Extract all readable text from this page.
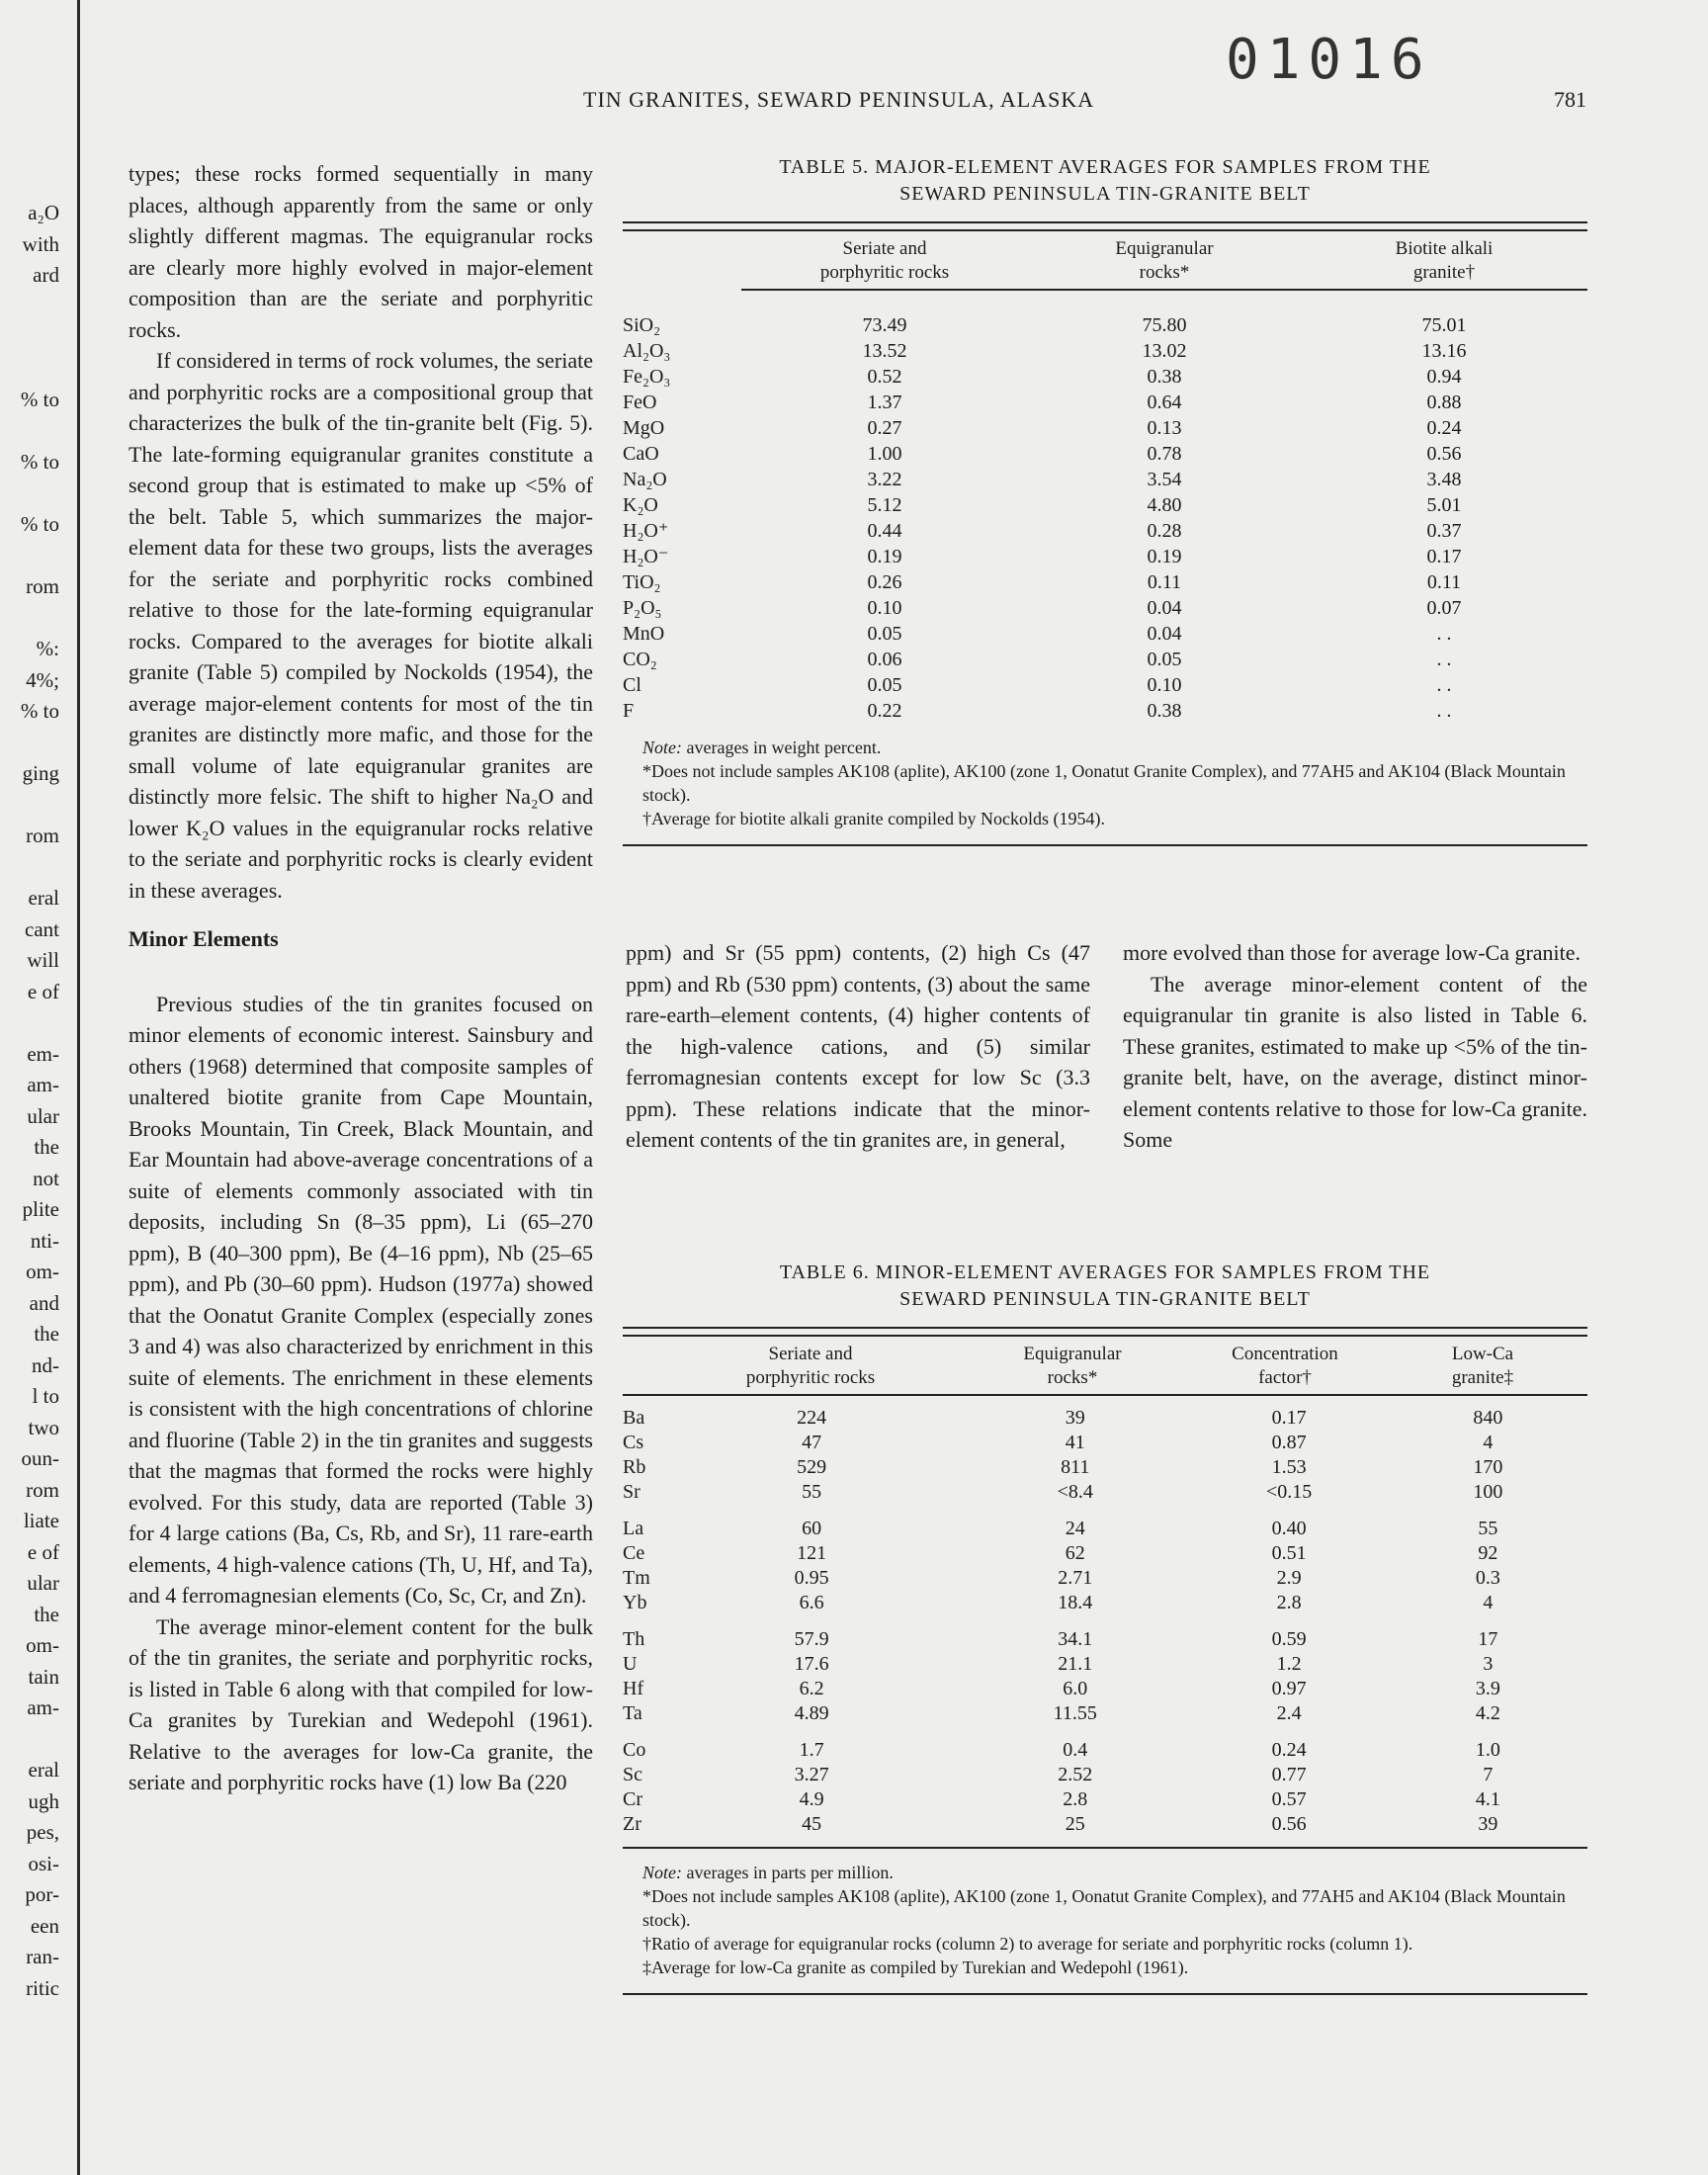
a₂O
with
ard
% to
% to
% to
rom
%:
4%;
% to
ging
rom
eral
cant
will
e of
em-
am-
ular
the
not
plite
nti-
om-
and
the
nd-
l to
two
oun-
rom
liate
e of
ular
the
om-
tain
am-
eral
ugh
pes,
osi-
por-
een
ran-
ritic
01016
TIN GRANITES, SEWARD PENINSULA, ALASKA	781

types; these rocks formed sequentially in many places, although apparently from the same or only slightly different magmas. The equigranular rocks are clearly more highly evolved in major-element composition than are the seriate and porphyritic rocks.

If considered in terms of rock volumes, the seriate and porphyritic rocks are a compositional group that characterizes the bulk of the tin-granite belt (Fig. 5). The late-forming equigranular granites constitute a second group that is estimated to make up <5% of the belt. Table 5, which summarizes the major-element data for these two groups, lists the averages for the seriate and porphyritic rocks combined relative to those for the late-forming equigranular rocks. Compared to the averages for biotite alkali granite (Table 5) compiled by Nockolds (1954), the average major-element contents for most of the tin granites are distinctly more mafic, and those for the small volume of late equigranular granites are distinctly more felsic. The shift to higher Na₂O and lower K₂O values in the equigranular rocks relative to the seriate and porphyritic rocks is clearly evident in these averages.

Minor Elements

Previous studies of the tin granites focused on minor elements of economic interest. Sainsbury and others (1968) determined that composite samples of unaltered biotite granite from Cape Mountain, Brooks Mountain, Tin Creek, Black Mountain, and Ear Mountain had above-average concentrations of a suite of elements commonly associated with tin deposits, including Sn (8–35 ppm), Li (65–270 ppm), B (40–300 ppm), Be (4–16 ppm), Nb (25–65 ppm), and Pb (30–60 ppm). Hudson (1977a) showed that the Oonatut Granite Complex (especially zones 3 and 4) was also characterized by enrichment in this suite of elements. The enrichment in these elements is consistent with the high concentrations of chlorine and fluorine (Table 2) in the tin granites and suggests that the magmas that formed the rocks were highly evolved. For this study, data are reported (Table 3) for 4 large cations (Ba, Cs, Rb, and Sr), 11 rare-earth elements, 4 high-valence cations (Th, U, Hf, and Ta), and 4 ferromagnesian elements (Co, Sc, Cr, and Zn).

The average minor-element content for the bulk of the tin granites, the seriate and porphyritic rocks, is listed in Table 6 along with that compiled for low-Ca granites by Turekian and Wedepohl (1961). Relative to the averages for low-Ca granite, the seriate and porphyritic rocks have (1) low Ba (220

TABLE 5. MAJOR-ELEMENT AVERAGES FOR SAMPLES FROM THE
SEWARD PENINSULA TIN-GRANITE BELT
Seriate and
porphyritic rocks
Equigranular
rocks*
Biotite alkali
granite†
SiO₂	73.49	75.80	75.01
Al₂O₃	13.52	13.02	13.16
Fe₂O₃	0.52	0.38	0.94
FeO	1.37	0.64	0.88
MgO	0.27	0.13	0.24
CaO	1.00	0.78	0.56
Na₂O	3.22	3.54	3.48
K₂O	5.12	4.80	5.01
H₂O⁺	0.44	0.28	0.37
H₂O⁻	0.19	0.19	0.17
TiO₂	0.26	0.11	0.11
P₂O₅	0.10	0.04	0.07
MnO	0.05	0.04	. .
CO₂	0.06	0.05	. .
Cl	0.05	0.10	. .
F	0.22	0.38	. .
Note: averages in weight percent.
*Does not include samples AK108 (aplite), AK100 (zone 1, Oonatut Granite Complex), and 77AH5 and AK104 (Black Mountain stock).
†Average for biotite alkali granite compiled by Nockolds (1954).

ppm) and Sr (55 ppm) contents, (2) high Cs (47 ppm) and Rb (530 ppm) contents, (3) about the same rare-earth–element contents, (4) higher contents of the high-valence cations, and (5) similar ferromagnesian contents except for low Sc (3.3 ppm). These relations indicate that the minor-element contents of the tin granites are, in general,

more evolved than those for average low-Ca granite.

The average minor-element content of the equigranular tin granite is also listed in Table 6. These granites, estimated to make up <5% of the tin-granite belt, have, on the average, distinct minor-element contents relative to those for low-Ca granite. Some

TABLE 6. MINOR-ELEMENT AVERAGES FOR SAMPLES FROM THE
SEWARD PENINSULA TIN-GRANITE BELT
Seriate and
porphyritic rocks
Equigranular
rocks*
Concentration
factor†
Low-Ca
granite‡
Ba	224	39	0.17	840
Cs	47	41	0.87	4
Rb	529	811	1.53	170
Sr	55	<8.4	<0.15	100

La	60	24	0.40	55
Ce	121	62	0.51	92
Tm	0.95	2.71	2.9	0.3
Yb	6.6	18.4	2.8	4

Th	57.9	34.1	0.59	17
U	17.6	21.1	1.2	3
Hf	6.2	6.0	0.97	3.9
Ta	4.89	11.55	2.4	4.2

Co	1.7	0.4	0.24	1.0
Sc	3.27	2.52	0.77	7
Cr	4.9	2.8	0.57	4.1
Zr	45	25	0.56	39
Note: averages in parts per million.
*Does not include samples AK108 (aplite), AK100 (zone 1, Oonatut Granite Complex), and 77AH5 and AK104 (Black Mountain stock).
†Ratio of average for equigranular rocks (column 2) to average for seriate and porphyritic rocks (column 1).
‡Average for low-Ca granite as compiled by Turekian and Wedepohl (1961).
